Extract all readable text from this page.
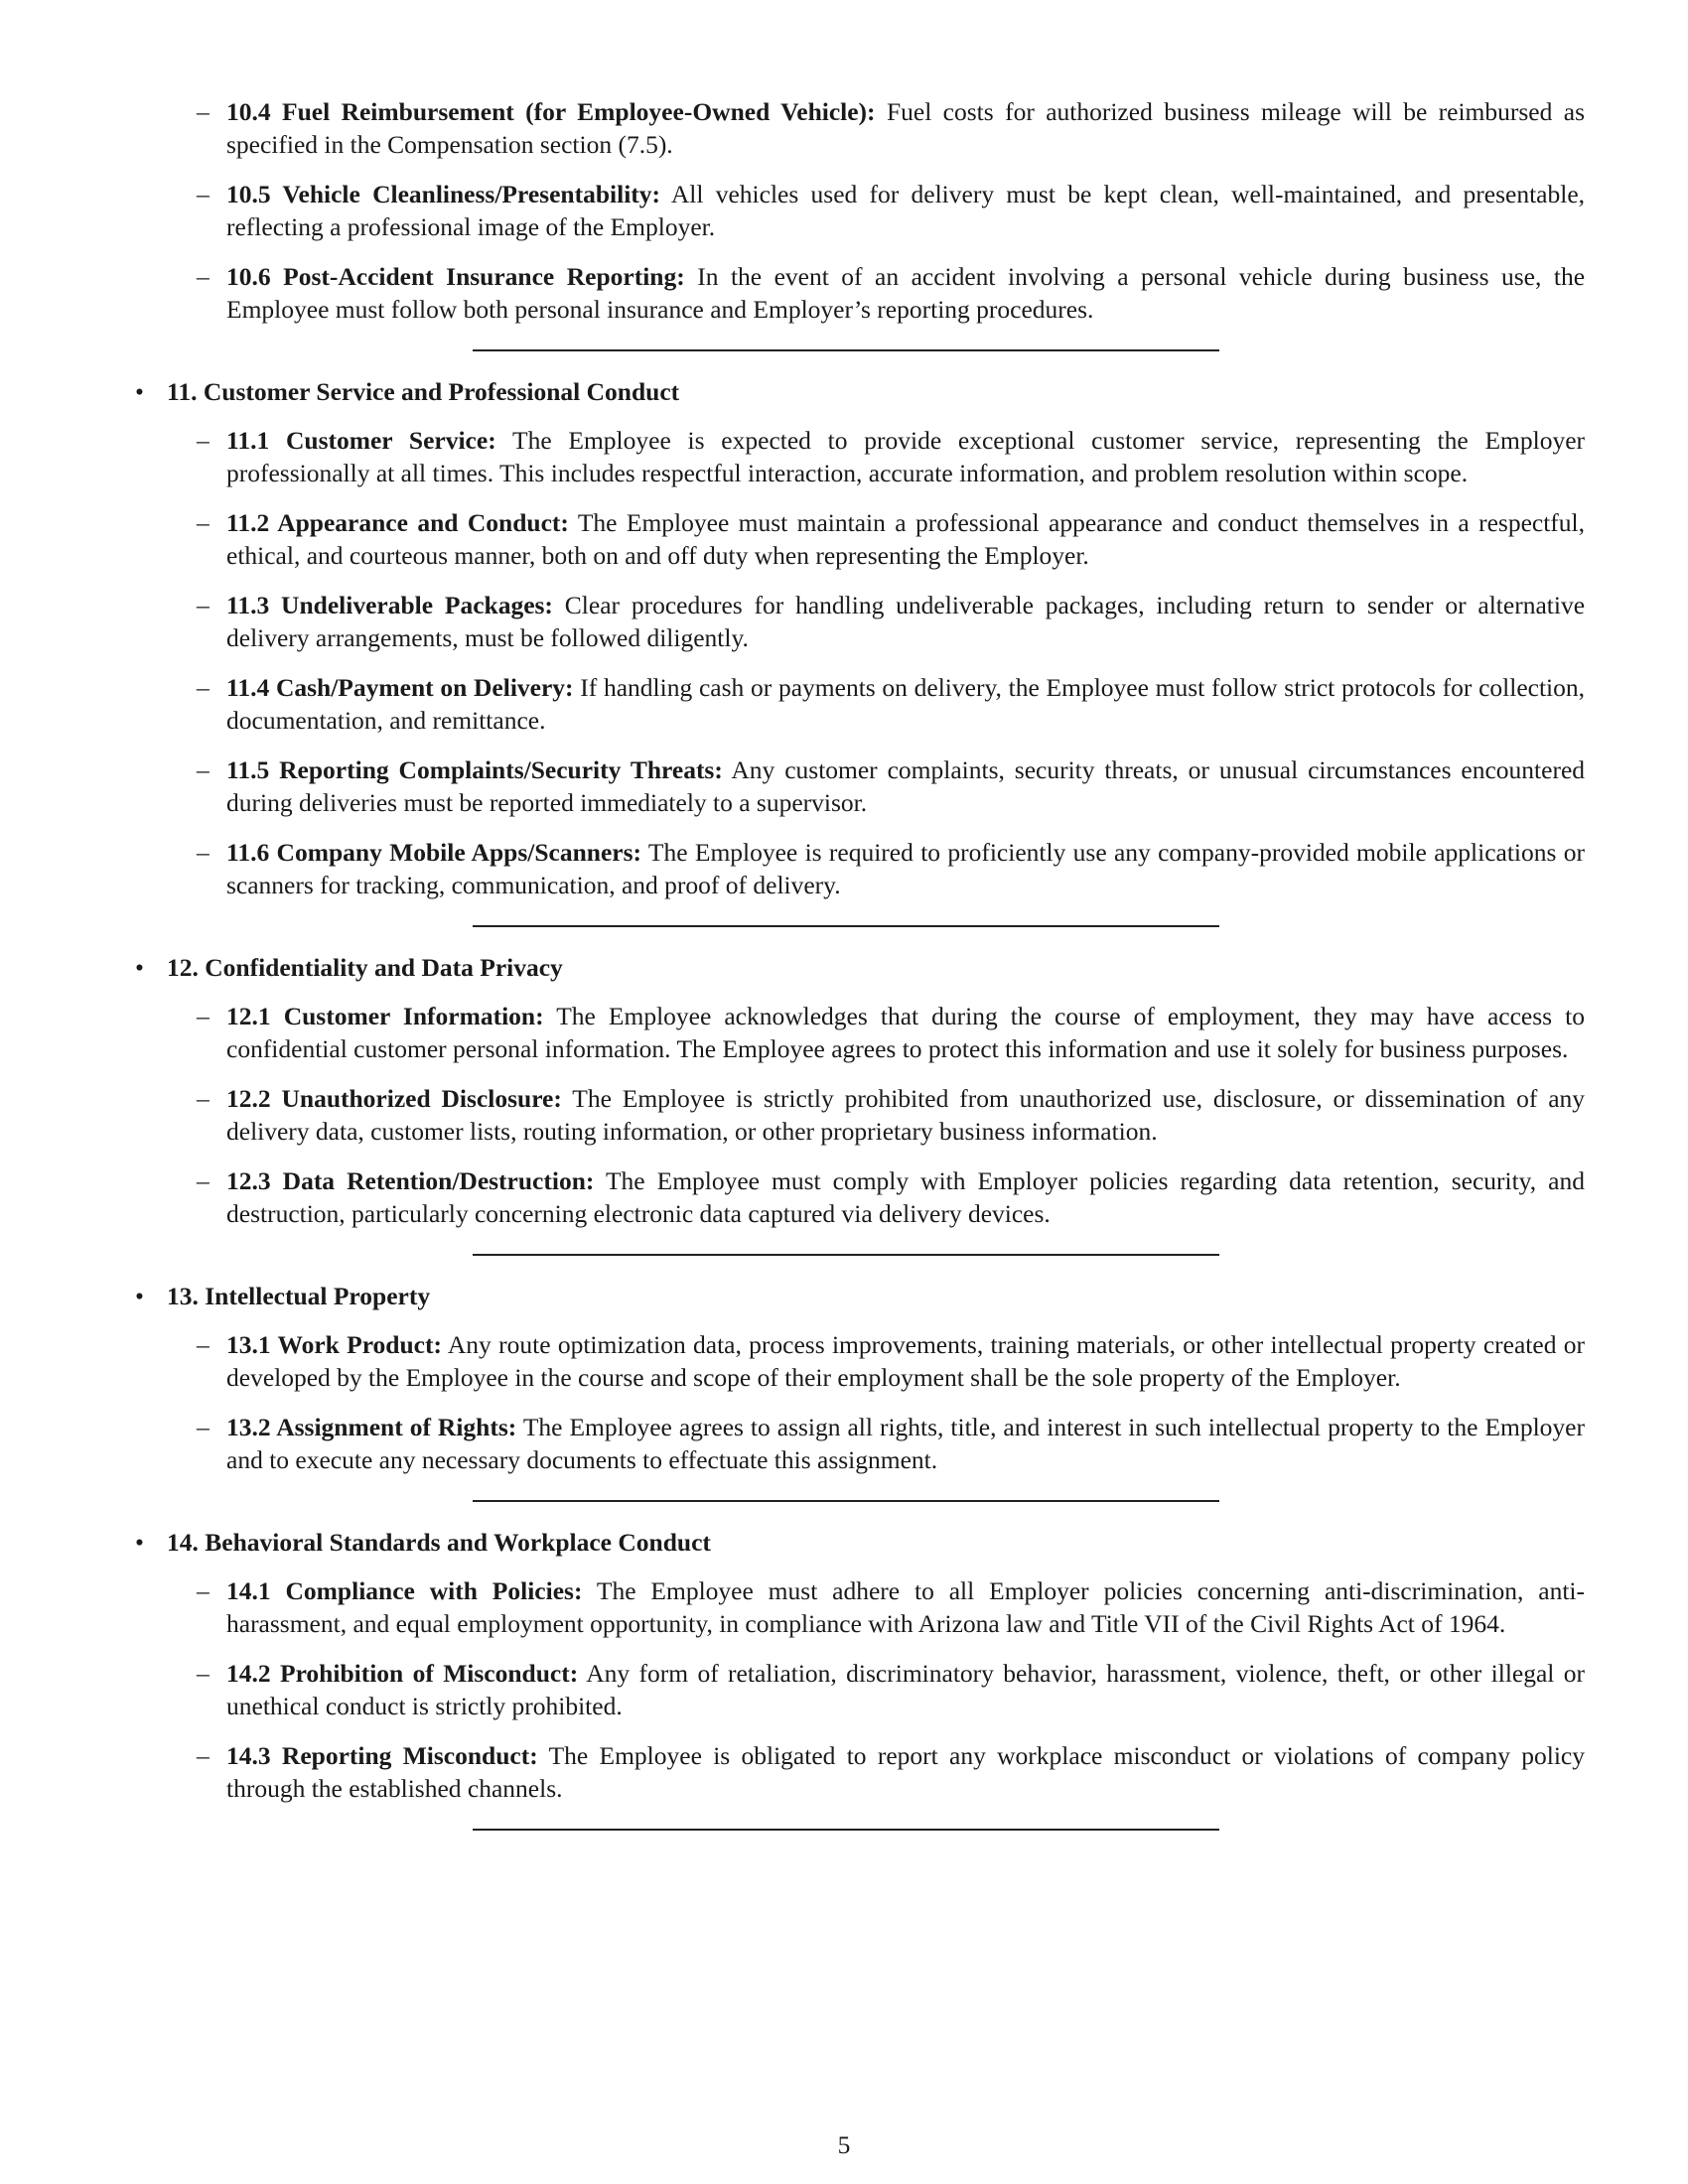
– 10.4 Fuel Reimbursement (for Employee-Owned Vehicle): Fuel costs for authorized business mileage will be reimbursed as specified in the Compensation section (7.5).
– 10.5 Vehicle Cleanliness/Presentability: All vehicles used for delivery must be kept clean, well-maintained, and presentable, reflecting a professional image of the Employer.
– 10.6 Post-Accident Insurance Reporting: In the event of an accident involving a personal vehicle during business use, the Employee must follow both personal insurance and Employer’s reporting procedures.
• 11. Customer Service and Professional Conduct
– 11.1 Customer Service: The Employee is expected to provide exceptional customer service, representing the Employer professionally at all times. This includes respectful interaction, accurate information, and problem resolution within scope.
– 11.2 Appearance and Conduct: The Employee must maintain a professional appearance and conduct themselves in a respectful, ethical, and courteous manner, both on and off duty when representing the Employer.
– 11.3 Undeliverable Packages: Clear procedures for handling undeliverable packages, including return to sender or alternative delivery arrangements, must be followed diligently.
– 11.4 Cash/Payment on Delivery: If handling cash or payments on delivery, the Employee must follow strict protocols for collection, documentation, and remittance.
– 11.5 Reporting Complaints/Security Threats: Any customer complaints, security threats, or unusual circumstances encountered during deliveries must be reported immediately to a supervisor.
– 11.6 Company Mobile Apps/Scanners: The Employee is required to proficiently use any company-provided mobile applications or scanners for tracking, communication, and proof of delivery.
• 12. Confidentiality and Data Privacy
– 12.1 Customer Information: The Employee acknowledges that during the course of employment, they may have access to confidential customer personal information. The Employee agrees to protect this information and use it solely for business purposes.
– 12.2 Unauthorized Disclosure: The Employee is strictly prohibited from unauthorized use, disclosure, or dissemination of any delivery data, customer lists, routing information, or other proprietary business information.
– 12.3 Data Retention/Destruction: The Employee must comply with Employer policies regarding data retention, security, and destruction, particularly concerning electronic data captured via delivery devices.
• 13. Intellectual Property
– 13.1 Work Product: Any route optimization data, process improvements, training materials, or other intellectual property created or developed by the Employee in the course and scope of their employment shall be the sole property of the Employer.
– 13.2 Assignment of Rights: The Employee agrees to assign all rights, title, and interest in such intellectual property to the Employer and to execute any necessary documents to effectuate this assignment.
• 14. Behavioral Standards and Workplace Conduct
– 14.1 Compliance with Policies: The Employee must adhere to all Employer policies concerning anti-discrimination, anti-harassment, and equal employment opportunity, in compliance with Arizona law and Title VII of the Civil Rights Act of 1964.
– 14.2 Prohibition of Misconduct: Any form of retaliation, discriminatory behavior, harassment, violence, theft, or other illegal or unethical conduct is strictly prohibited.
– 14.3 Reporting Misconduct: The Employee is obligated to report any workplace misconduct or violations of company policy through the established channels.
5
